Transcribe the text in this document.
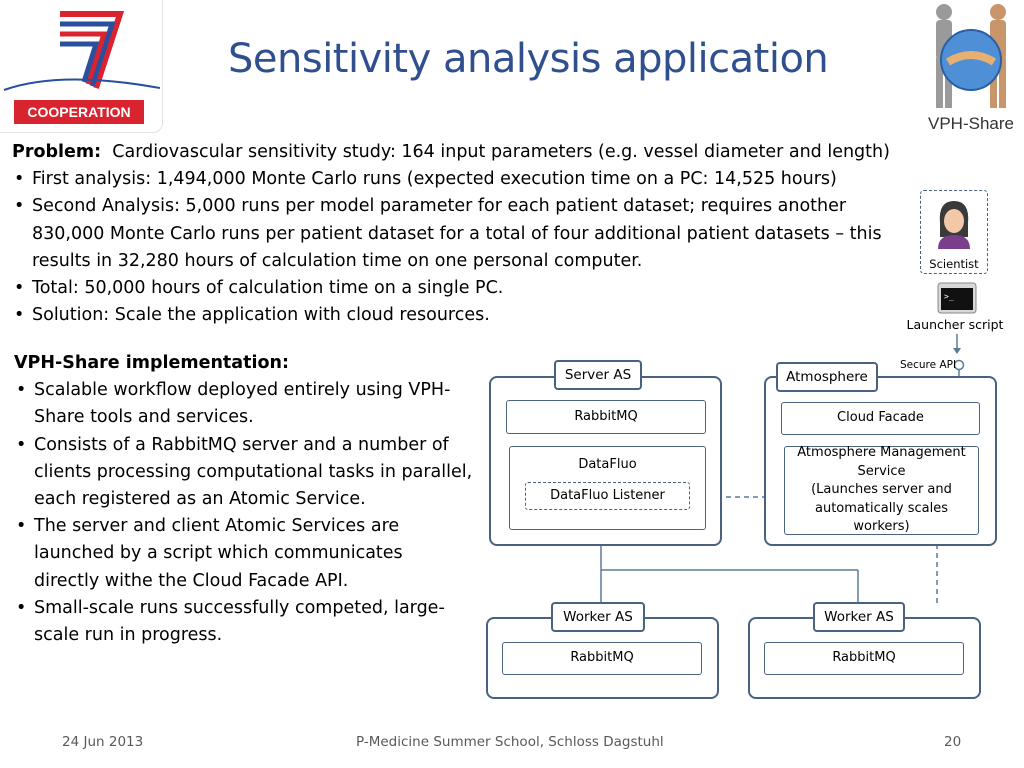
COOPERATION
Sensitivity analysis application
VPH-Share
Problem: Cardiovascular sensitivity study: 164 input parameters (e.g. vessel diameter and length)
• First analysis: 1,494,000 Monte Carlo runs (expected execution time on a PC: 14,525 hours)
• Second Analysis: 5,000 runs per model parameter for each patient dataset; requires another 830,000 Monte Carlo runs per patient dataset for a total of four additional patient datasets – this results in 32,280 hours of calculation time on one personal computer.
• Total: 50,000 hours of calculation time on a single PC.
• Solution: Scale the application with cloud resources.
VPH-Share implementation:
• Scalable workflow deployed entirely using VPH-Share tools and services.
• Consists of a RabbitMQ server and a number of clients processing computational tasks in parallel, each registered as an Atomic Service.
• The server and client Atomic Services are launched by a script which communicates directly withe the Cloud Facade API.
• Small-scale runs successfully competed, large-scale run in progress.
Scientist
>_
Launcher script
Secure API
Server AS
RabbitMQ
DataFluo
DataFluo Listener
Atmosphere
Cloud Facade
Atmosphere Management
Service
(Launches server and
automatically scales workers)
Worker AS
RabbitMQ
Worker AS
RabbitMQ
24 Jun 2013	P-Medicine Summer School, Schloss Dagstuhl	20
